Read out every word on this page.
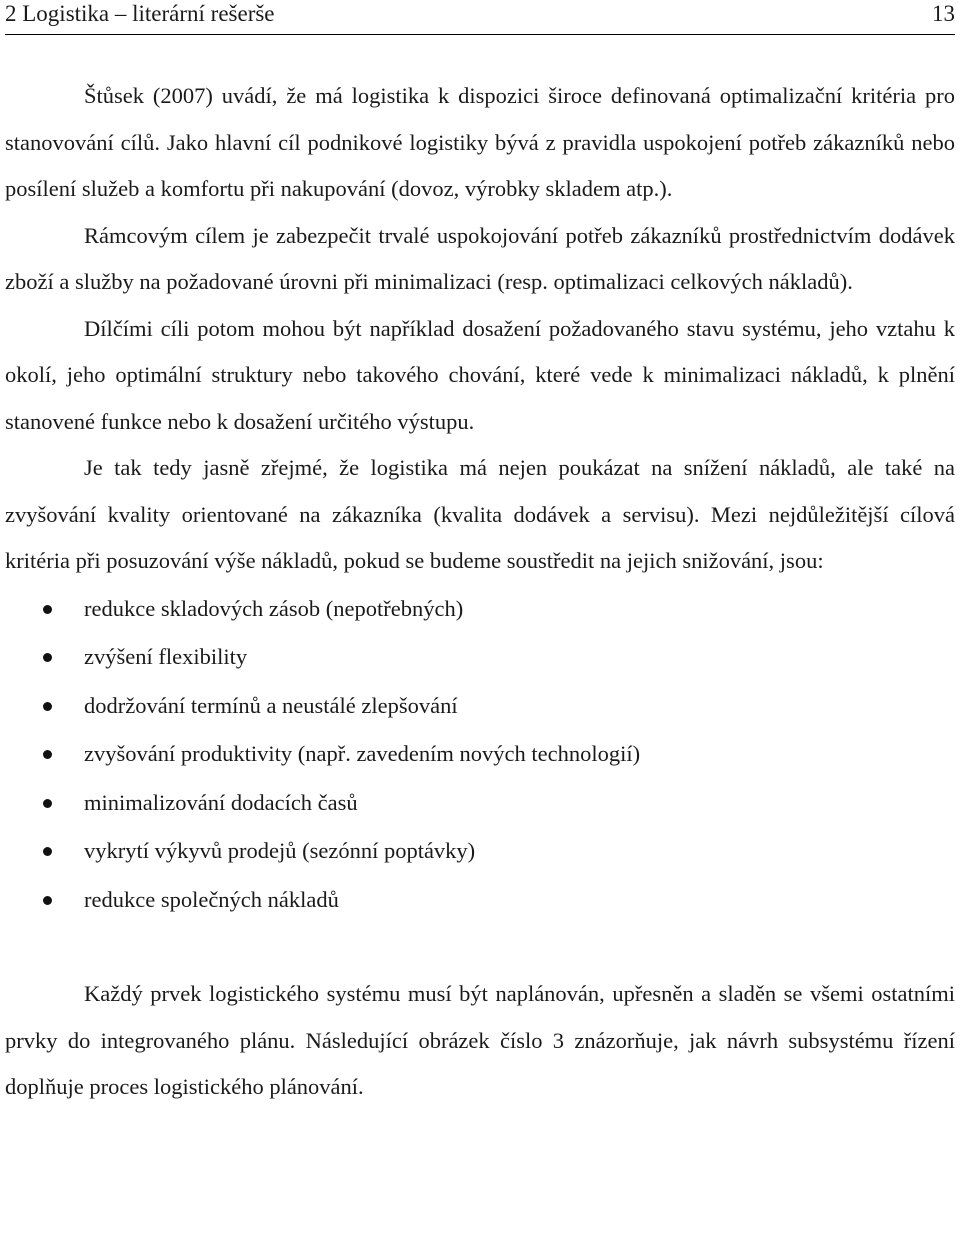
2 Logistika – literární rešerše	13

Štůsek (2007) uvádí, že má logistika k dispozici široce definovaná optimalizační kritéria pro stanovování cílů. Jako hlavní cíl podnikové logistiky bývá z pravidla uspokojení potřeb zákazníků nebo posílení služeb a komfortu při nakupování (dovoz, výrobky skladem atp.).

Rámcovým cílem je zabezpečit trvalé uspokojování potřeb zákazníků prostřednictvím dodávek zboží a služby na požadované úrovni při minimalizaci (resp. optimalizaci celkových nákladů).

Dílčími cíli potom mohou být například dosažení požadovaného stavu systému, jeho vztahu k okolí, jeho optimální struktury nebo takového chování, které vede k minimalizaci nákladů, k plnění stanovené funkce nebo k dosažení určitého výstupu.

Je tak tedy jasně zřejmé, že logistika má nejen poukázat na snížení nákladů, ale také na zvyšování kvality orientované na zákazníka (kvalita dodávek a servisu). Mezi nejdůležitější cílová kritéria při posuzování výše nákladů, pokud se budeme soustředit na jejich snižování, jsou:

redukce skladových zásob (nepotřebných)
zvýšení flexibility
dodržování termínů a neustálé zlepšování
zvyšování produktivity (např. zavedením nových technologií)
minimalizování dodacích časů
vykrytí výkyvů prodejů (sezónní poptávky)
redukce společných nákladů

Každý prvek logistického systému musí být naplánován, upřesněn a sladěn se všemi ostatními prvky do integrovaného plánu. Následující obrázek číslo 3 znázorňuje, jak návrh subsystému řízení doplňuje proces logistického plánování.
